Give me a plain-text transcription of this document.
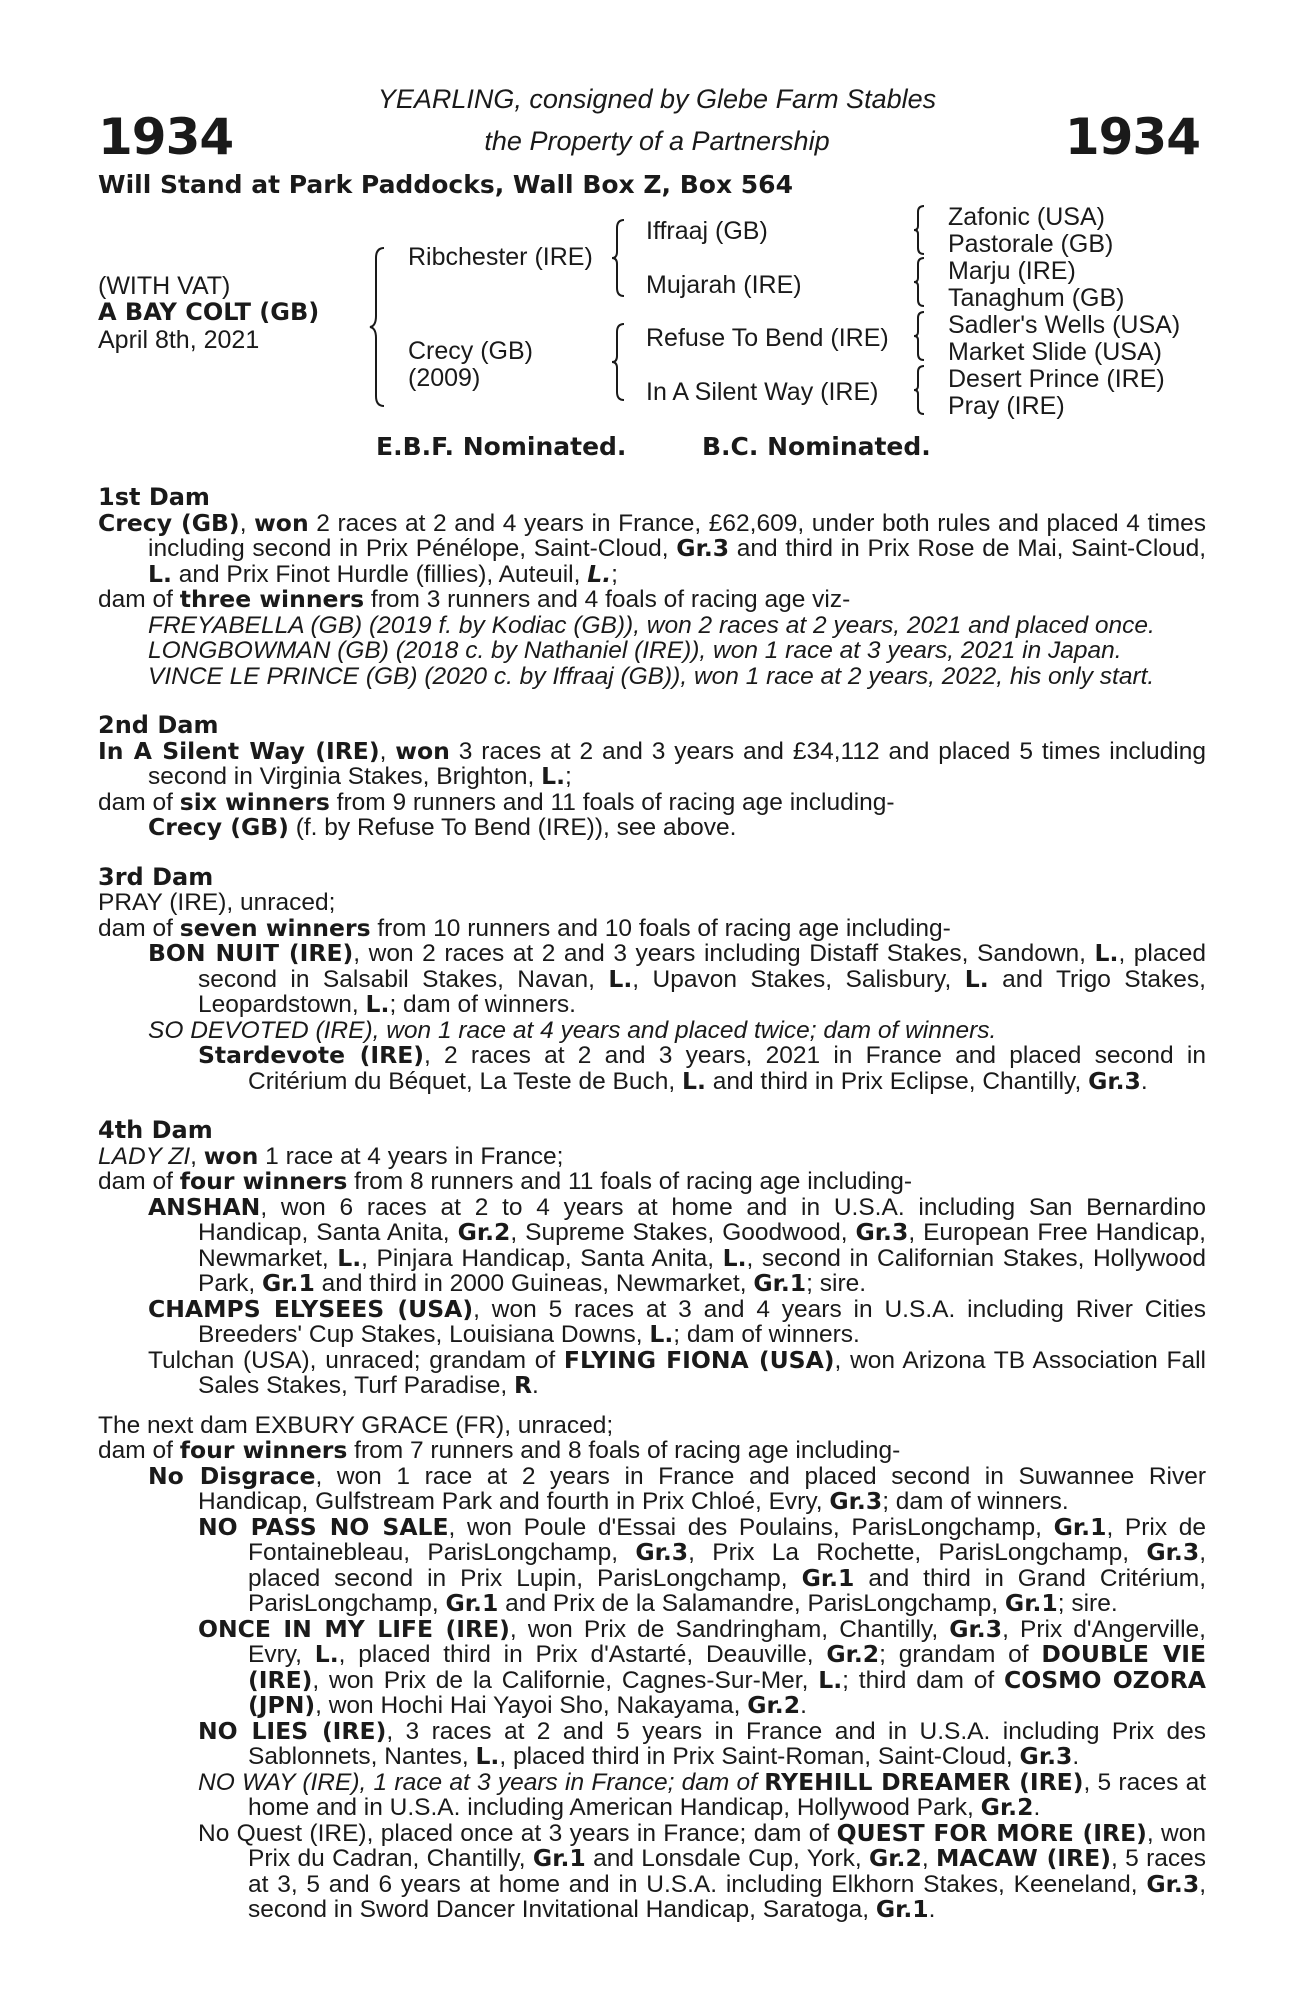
1934	1934
YEARLING, consigned by Glebe Farm Stables
the Property of a Partnership
Will Stand at Park Paddocks, Wall Box Z, Box 564
(WITH VAT)
A BAY COLT (GB)
April 8th, 2021
Ribchester (IRE)
Crecy (GB)
(2009)
Iffraaj (GB)
Mujarah (IRE)
Refuse To Bend (IRE)
In A Silent Way (IRE)
Zafonic (USA)
Pastorale (GB)
Marju (IRE)
Tanaghum (GB)
Sadler's Wells (USA)
Market Slide (USA)
Desert Prince (IRE)
Pray (IRE)
E.B.F. Nominated.	B.C. Nominated.

1st Dam

Crecy (GB), won 2 races at 2 and 4 years in France, £62,609, under both rules and placed 4 times including second in Prix Pénélope, Saint-Cloud, Gr.3 and third in Prix Rose de Mai, Saint-Cloud, L. and Prix Finot Hurdle (fillies), Auteuil, L.;

dam of three winners from 3 runners and 4 foals of racing age viz-

FREYABELLA (GB) (2019 f. by Kodiac (GB)), won 2 races at 2 years, 2021 and placed once.

LONGBOWMAN (GB) (2018 c. by Nathaniel (IRE)), won 1 race at 3 years, 2021 in Japan.

VINCE LE PRINCE (GB) (2020 c. by Iffraaj (GB)), won 1 race at 2 years, 2022, his only start.

2nd Dam

In A Silent Way (IRE), won 3 races at 2 and 3 years and £34,112 and placed 5 times including second in Virginia Stakes, Brighton, L.;

dam of six winners from 9 runners and 11 foals of racing age including-

Crecy (GB) (f. by Refuse To Bend (IRE)), see above.

3rd Dam

PRAY (IRE), unraced;

dam of seven winners from 10 runners and 10 foals of racing age including-

BON NUIT (IRE), won 2 races at 2 and 3 years including Distaff Stakes, Sandown, L., placed second in Salsabil Stakes, Navan, L., Upavon Stakes, Salisbury, L. and Trigo Stakes, Leopardstown, L.; dam of winners.

SO DEVOTED (IRE), won 1 race at 4 years and placed twice; dam of winners.

Stardevote (IRE), 2 races at 2 and 3 years, 2021 in France and placed second in Critérium du Béquet, La Teste de Buch, L. and third in Prix Eclipse, Chantilly, Gr.3.

4th Dam

LADY ZI, won 1 race at 4 years in France;

dam of four winners from 8 runners and 11 foals of racing age including-

ANSHAN, won 6 races at 2 to 4 years at home and in U.S.A. including San Bernardino Handicap, Santa Anita, Gr.2, Supreme Stakes, Goodwood, Gr.3, European Free Handicap, Newmarket, L., Pinjara Handicap, Santa Anita, L., second in Californian Stakes, Hollywood Park, Gr.1 and third in 2000 Guineas, Newmarket, Gr.1; sire.

CHAMPS ELYSEES (USA), won 5 races at 3 and 4 years in U.S.A. including River Cities Breeders' Cup Stakes, Louisiana Downs, L.; dam of winners.

Tulchan (USA), unraced; grandam of FLYING FIONA (USA), won Arizona TB Association Fall Sales Stakes, Turf Paradise, R.

The next dam EXBURY GRACE (FR), unraced;

dam of four winners from 7 runners and 8 foals of racing age including-

No Disgrace, won 1 race at 2 years in France and placed second in Suwannee River Handicap, Gulfstream Park and fourth in Prix Chloé, Evry, Gr.3; dam of winners.

NO PASS NO SALE, won Poule d'Essai des Poulains, ParisLongchamp, Gr.1, Prix de Fontainebleau, ParisLongchamp, Gr.3, Prix La Rochette, ParisLongchamp, Gr.3, placed second in Prix Lupin, ParisLongchamp, Gr.1 and third in Grand Critérium, ParisLongchamp, Gr.1 and Prix de la Salamandre, ParisLongchamp, Gr.1; sire.

ONCE IN MY LIFE (IRE), won Prix de Sandringham, Chantilly, Gr.3, Prix d'Angerville, Evry, L., placed third in Prix d'Astarté, Deauville, Gr.2; grandam of DOUBLE VIE (IRE), won Prix de la Californie, Cagnes-Sur-Mer, L.; third dam of COSMO OZORA (JPN), won Hochi Hai Yayoi Sho, Nakayama, Gr.2.

NO LIES (IRE), 3 races at 2 and 5 years in France and in U.S.A. including Prix des Sablonnets, Nantes, L., placed third in Prix Saint-Roman, Saint-Cloud, Gr.3.

NO WAY (IRE), 1 race at 3 years in France; dam of RYEHILL DREAMER (IRE), 5 races at home and in U.S.A. including American Handicap, Hollywood Park, Gr.2.

No Quest (IRE), placed once at 3 years in France; dam of QUEST FOR MORE (IRE), won Prix du Cadran, Chantilly, Gr.1 and Lonsdale Cup, York, Gr.2, MACAW (IRE), 5 races at 3, 5 and 6 years at home and in U.S.A. including Elkhorn Stakes, Keeneland, Gr.3, second in Sword Dancer Invitational Handicap, Saratoga, Gr.1.
